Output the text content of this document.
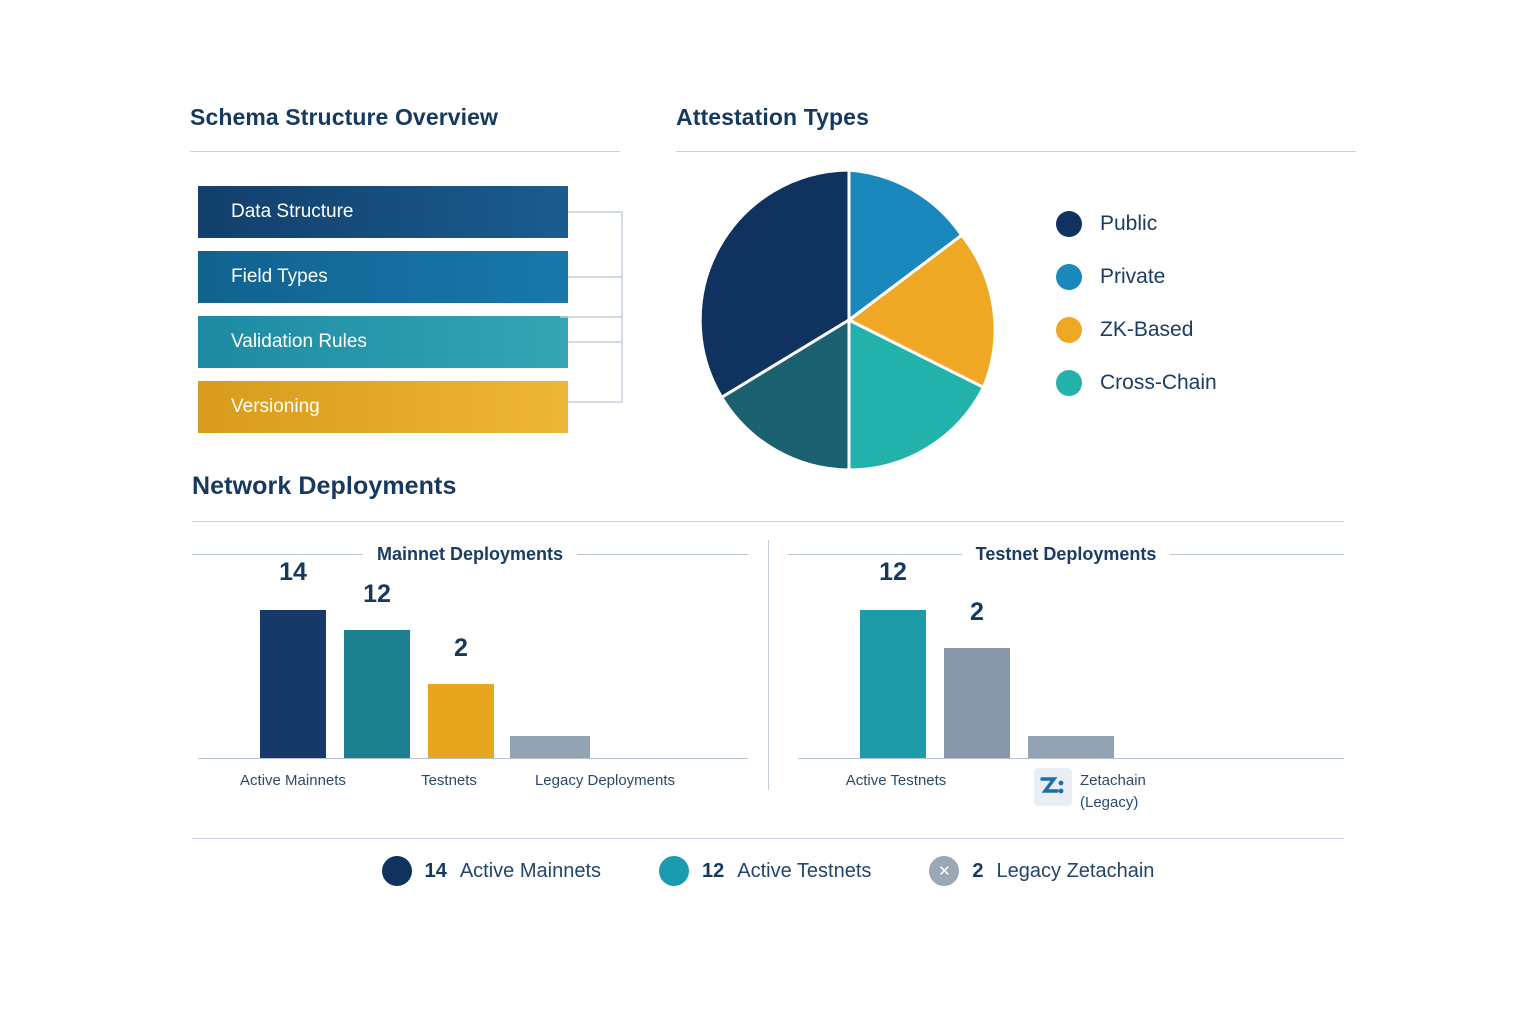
Schema Structure Overview
Data Structure
Field Types
Validation Rules
Versioning
Attestation Types
Public
Private
ZK-Based
Cross-Chain
Network Deployments
Mainnet Deployments
14
12
2
Active Mainnets	Testnets	Legacy Deployments
Testnet Deployments
12
2
Active Testnets	Zetachain
(Legacy)
14 Active Mainnets	12 Active Testnets	✕ 2 Legacy Zetachain
